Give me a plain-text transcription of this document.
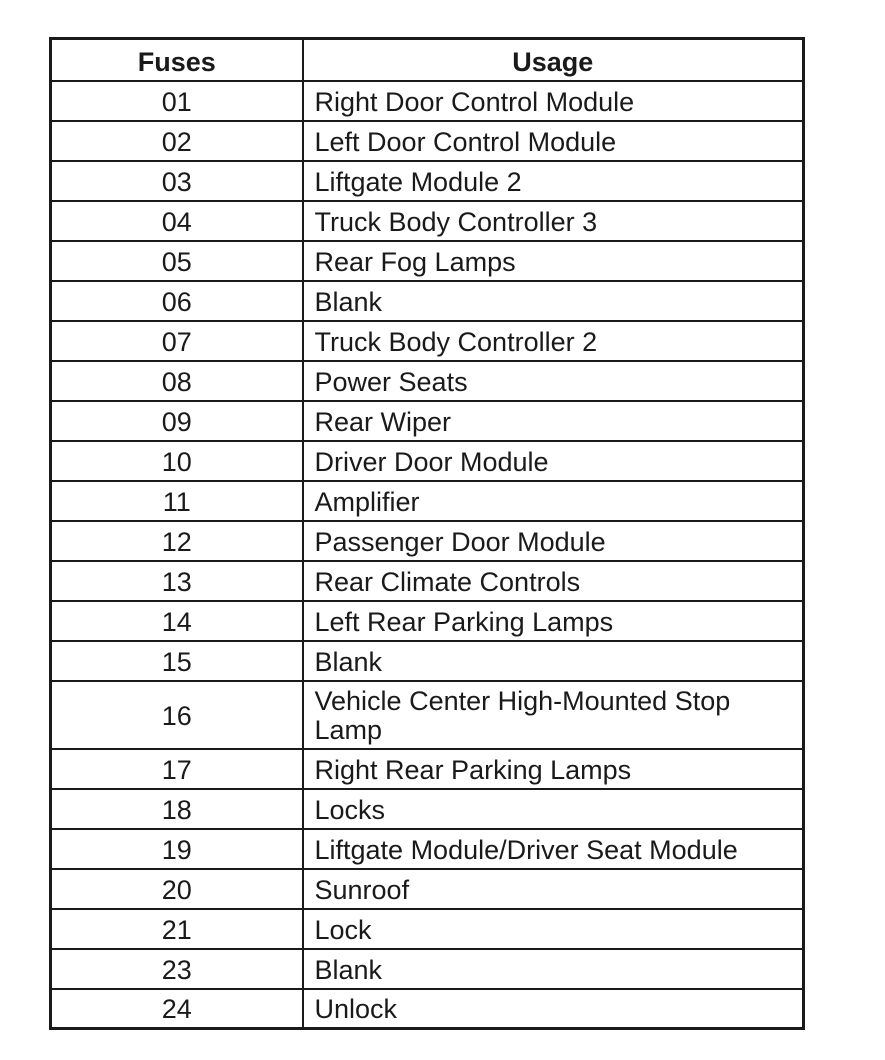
Fuses	Usage
01	Right Door Control Module
02	Left Door Control Module
03	Liftgate Module 2
04	Truck Body Controller 3
05	Rear Fog Lamps
06	Blank
07	Truck Body Controller 2
08	Power Seats
09	Rear Wiper
10	Driver Door Module
11	Amplifier
12	Passenger Door Module
13	Rear Climate Controls
14	Left Rear Parking Lamps
15	Blank
16	Vehicle Center High-Mounted Stop Lamp
17	Right Rear Parking Lamps
18	Locks
19	Liftgate Module/Driver Seat Module
20	Sunroof
21	Lock
23	Blank
24	Unlock
